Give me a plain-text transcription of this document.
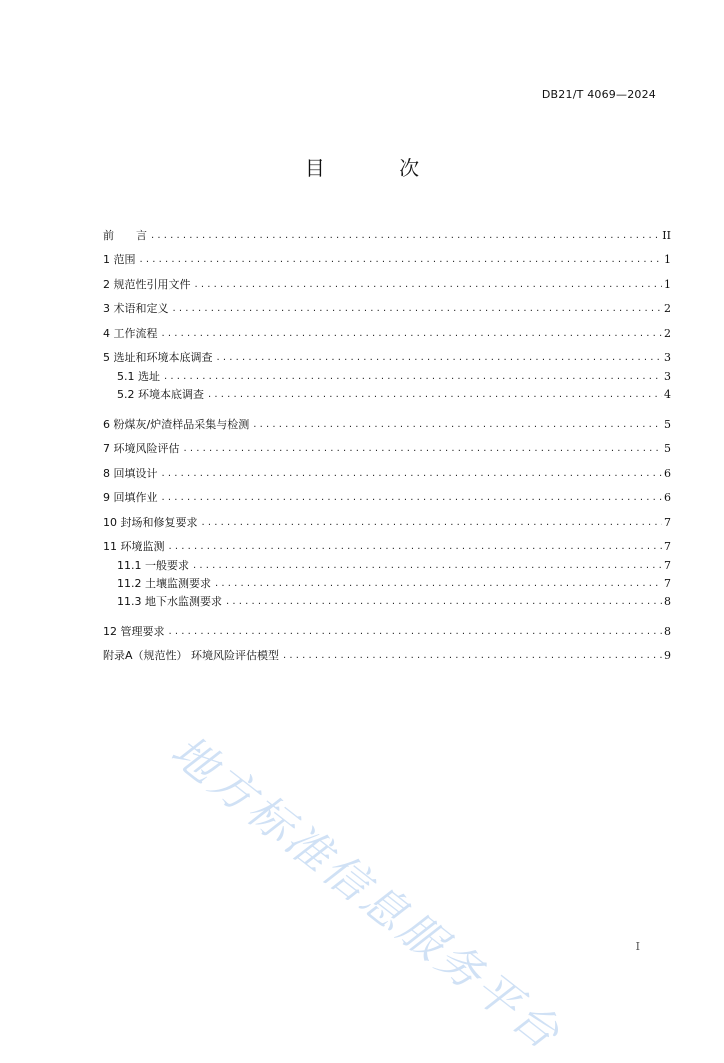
DB21/T 4069—2024
目 次
前　　言 .....	II
1 范围 .....	1
2 规范性引用文件 .....	1
3 术语和定义 .....	2
4 工作流程 .....	2
5 选址和环境本底调查 .....	3
5.1 选址 .....	3
5.2 环境本底调查 .....	4
6 粉煤灰/炉渣样品采集与检测 .....	5
7 环境风险评估 .....	5
8 回填设计 .....	6
9 回填作业 .....	6
10 封场和修复要求 .....	7
11 环境监测 .....	7
11.1 一般要求 .....	7
11.2 土壤监测要求 .....	7
11.3 地下水监测要求 .....	8
12 管理要求 .....	8
附录A（规范性） 环境风险评估模型 .....	9
地方标准信息服务平台	I
